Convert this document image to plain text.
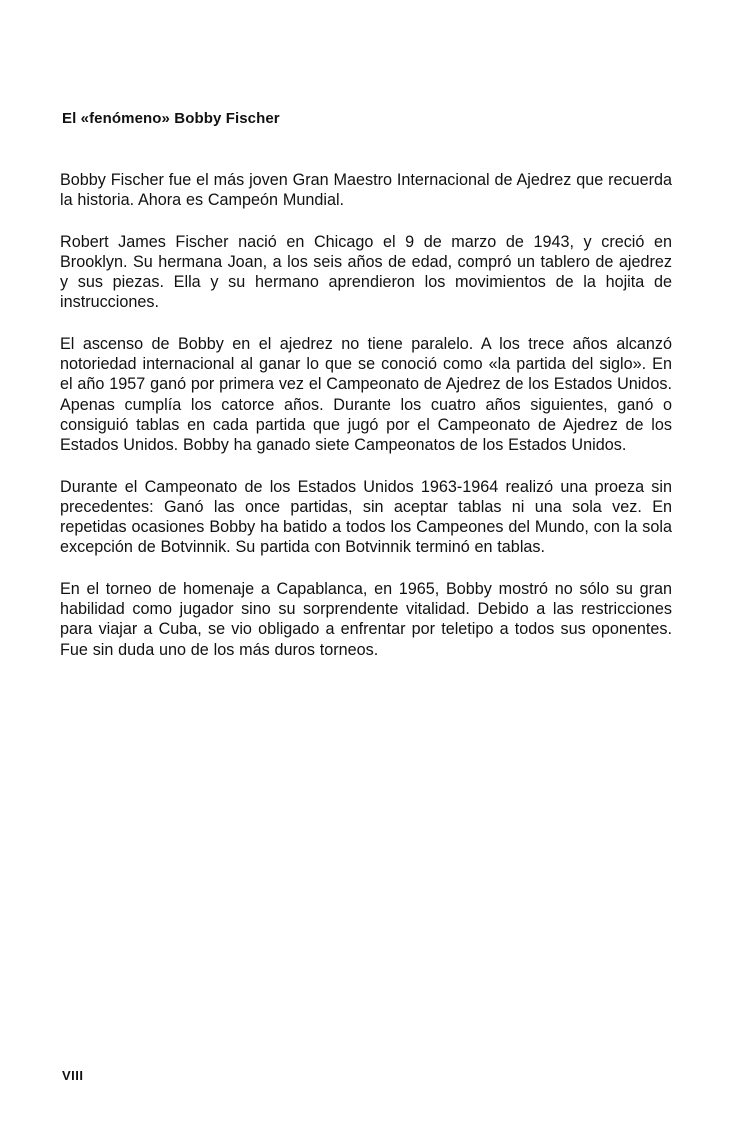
El «fenómeno» Bobby Fischer

Bobby Fischer fue el más joven Gran Maestro Internacional de Ajedrez que recuerda la historia. Ahora es Campeón Mundial.

Robert James Fischer nació en Chicago el 9 de marzo de 1943, y creció en Brooklyn. Su hermana Joan, a los seis años de edad, compró un tablero de ajedrez y sus piezas. Ella y su hermano aprendieron los movimientos de la hojita de instrucciones.

El ascenso de Bobby en el ajedrez no tiene paralelo. A los trece años alcanzó notoriedad internacional al ganar lo que se conoció como «la partida del siglo». En el año 1957 ganó por primera vez el Campeonato de Ajedrez de los Estados Unidos. Apenas cumplía los catorce años. Durante los cuatro años siguientes, ganó o consiguió tablas en cada partida que jugó por el Campeonato de Ajedrez de los Estados Unidos. Bobby ha ganado siete Campeonatos de los Estados Unidos.

Durante el Campeonato de los Estados Unidos 1963-1964 realizó una proeza sin precedentes: Ganó las once partidas, sin aceptar tablas ni una sola vez. En repetidas ocasiones Bobby ha batido a todos los Campeones del Mundo, con la sola excepción de Botvinnik. Su partida con Botvinnik terminó en tablas.

En el torneo de homenaje a Capablanca, en 1965, Bobby mostró no sólo su gran habilidad como jugador sino su sorprendente vitalidad. Debido a las restricciones para viajar a Cuba, se vio obligado a enfrentar por teletipo a todos sus oponentes. Fue sin duda uno de los más duros torneos.

VIII
